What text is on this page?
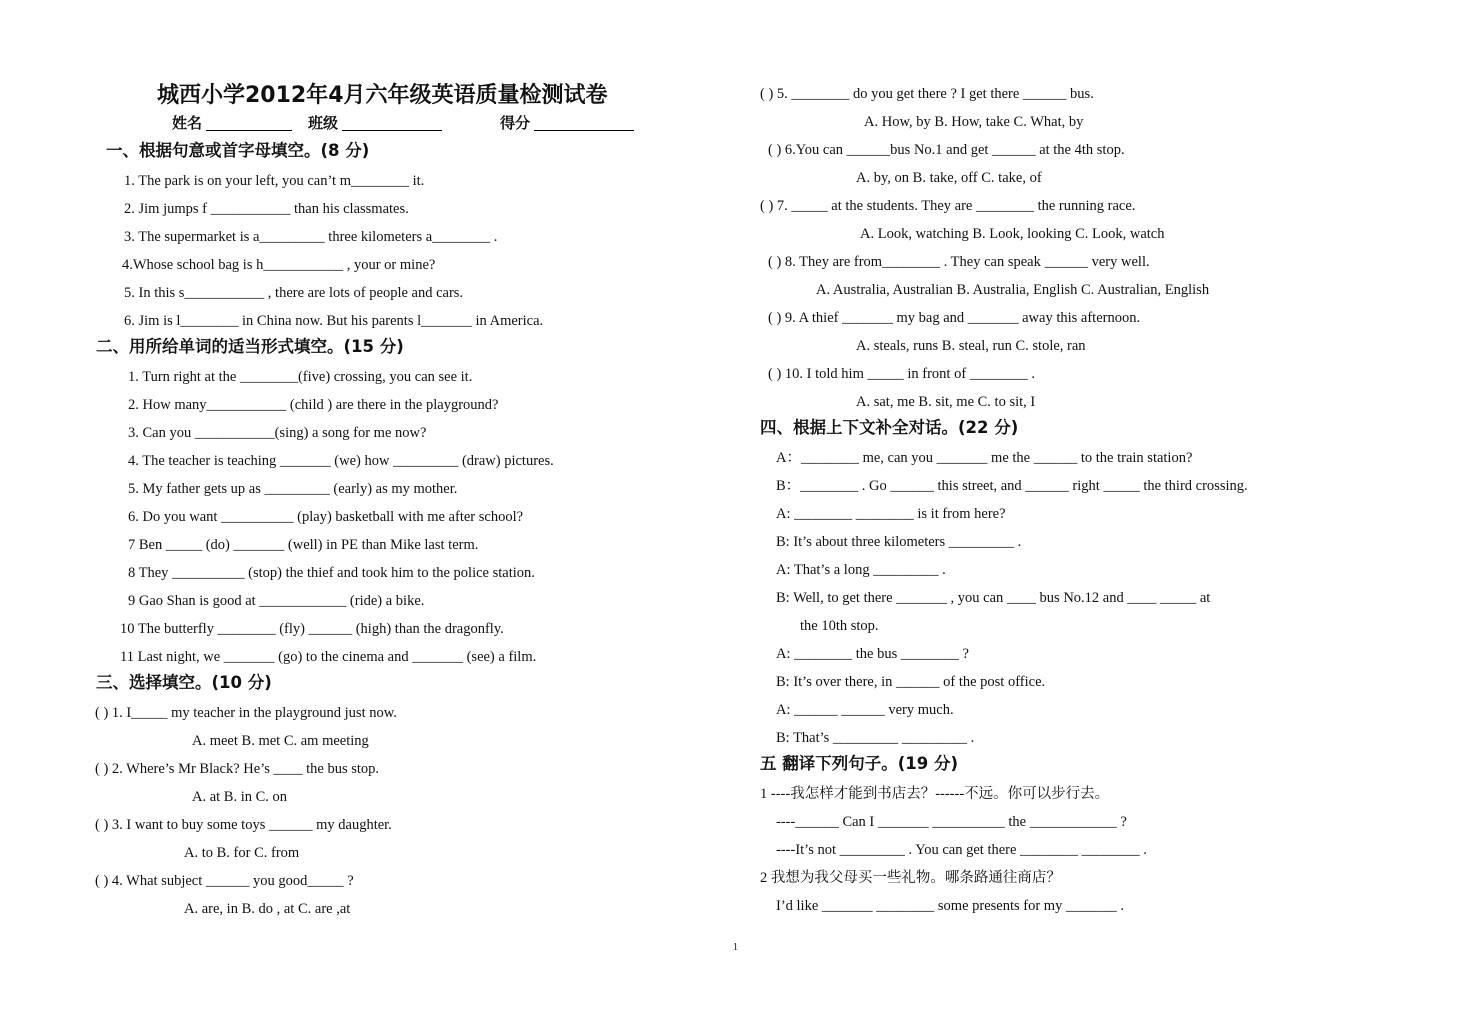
城西小学2012年4月六年级英语质量检测试卷
姓名	班级	得分
一、根据句意或首字母填空。(8 分)
1. The park is on your left, you can’t m________ it.
2. Jim jumps f ___________ than his classmates.
3. The supermarket is a_________ three kilometers a________ .
4.Whose school bag is h___________ , your or mine?
5. In this s___________ , there are lots of people and cars.
6. Jim is l________ in China now. But his parents l_______ in America.
二、用所给单词的适当形式填空。(15 分)
1. Turn right at the ________(five) crossing, you can see it.
2. How many___________ (child ) are there in the playground?
3. Can you ___________(sing) a song for me now?
4. The teacher is teaching _______ (we) how _________ (draw) pictures.
5. My father gets up as _________ (early) as my mother.
6. Do you want __________ (play) basketball with me after school?
7 Ben _____ (do) _______ (well) in PE than Mike last term.
8 They __________ (stop) the thief and took him to the police station.
9 Gao Shan is good at ____________ (ride) a bike.
10 The butterfly ________ (fly) ______ (high) than the dragonfly.
11 Last night, we _______ (go) to the cinema and _______ (see) a film.
三、选择填空。(10 分)
( ) 1. I_____ my teacher in the playground just now.
A. meet B. met C. am meeting
( ) 2. Where’s Mr Black? He’s ____ the bus stop.
A. at B. in C. on
( ) 3. I want to buy some toys ______ my daughter.
A. to B. for C. from
( ) 4. What subject ______ you good_____ ?
A. are, in B. do , at C. are ,at
( ) 5. ________ do you get there ? I get there ______ bus.
A. How, by B. How, take C. What, by
( ) 6.You can ______bus No.1 and get ______ at the 4th stop.
A. by, on B. take, off C. take, of
( ) 7. _____ at the students. They are ________ the running race.
A. Look, watching B. Look, looking C. Look, watch
( ) 8. They are from________ . They can speak ______ very well.
A. Australia, Australian B. Australia, English C. Australian, English
( ) 9. A thief _______ my bag and _______ away this afternoon.
A. steals, runs B. steal, run C. stole, ran
( ) 10. I told him _____ in front of ________ .
A. sat, me B. sit, me C. to sit, I
四、根据上下文补全对话。(22 分)
A：________ me, can you _______ me the ______ to the train station?
B：________ . Go ______ this street, and ______ right _____ the third crossing.
A: ________ ________ is it from here?
B: It’s about three kilometers _________ .
A: That’s a long _________ .
B: Well, to get there _______ , you can ____ bus No.12 and ____ _____ at
the 10th stop.
A: ________ the bus ________ ?
B: It’s over there, in ______ of the post office.
A: ______ ______ very much.
B: That’s _________ _________ .
五 翻译下列句子。(19 分)
1 ----我怎样才能到书店去？------不远。你可以步行去。
----______ Can I _______ __________ the ____________ ?
----It’s not _________ . You can get there ________ ________ .
2 我想为我父母买一些礼物。哪条路通往商店？
I’d like _______ ________ some presents for my _______ .
1
